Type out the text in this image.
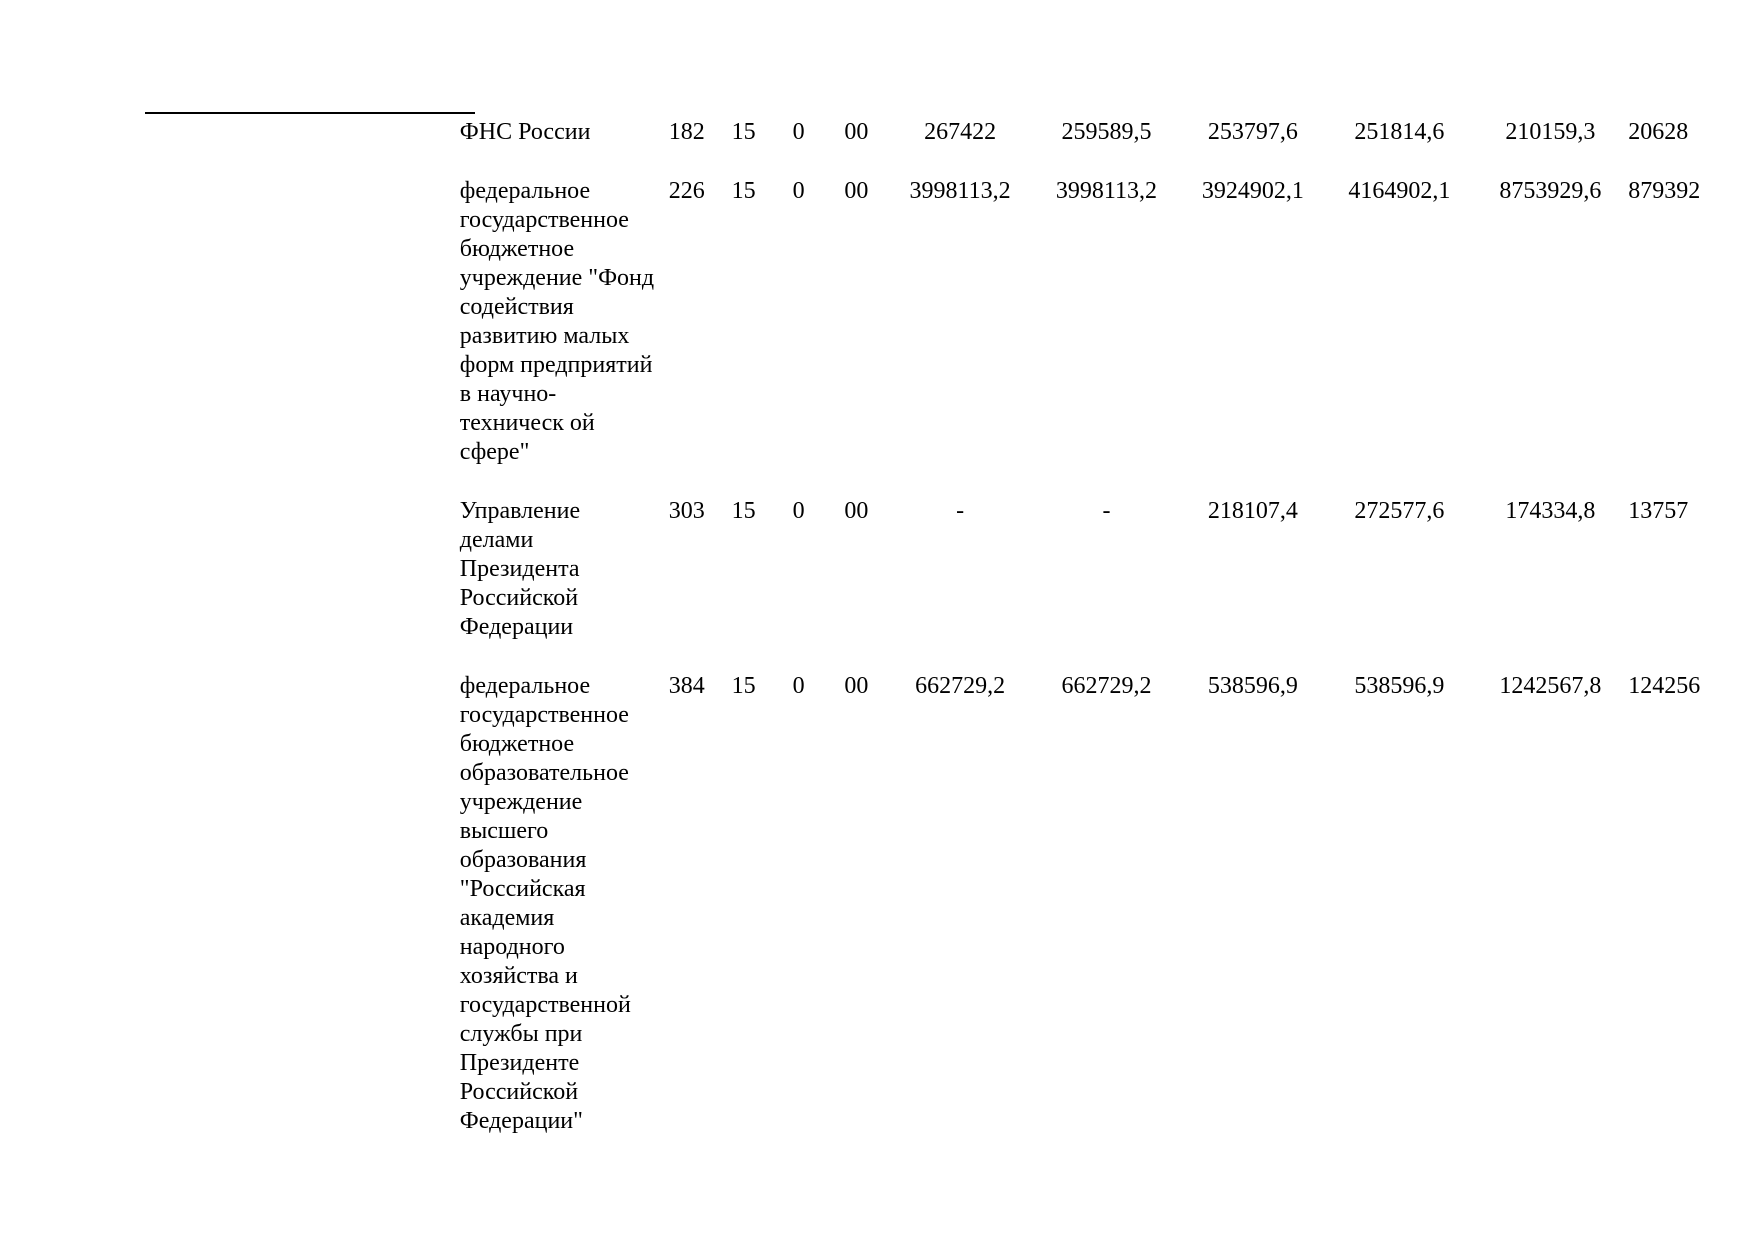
	ФНС России	182	15	0	00	267422	259589,5	253797,6	251814,6	210159,3	20628
	федеральное государственное бюджетное учреждение "Фонд содействия развитию малых форм предприятий в научно-техническ ой сфере"	226	15	0	00	3998113,2	3998113,2	3924902,1	4164902,1	8753929,6	879392
	Управление делами Президента Российской Федерации	303	15	0	00	-	-	218107,4	272577,6	174334,8	13757
	федеральное государственное бюджетное образовательное учреждение высшего образования "Российская академия народного хозяйства и государственной службы при Президенте Российской Федерации"	384	15	0	00	662729,2	662729,2	538596,9	538596,9	1242567,8	124256
